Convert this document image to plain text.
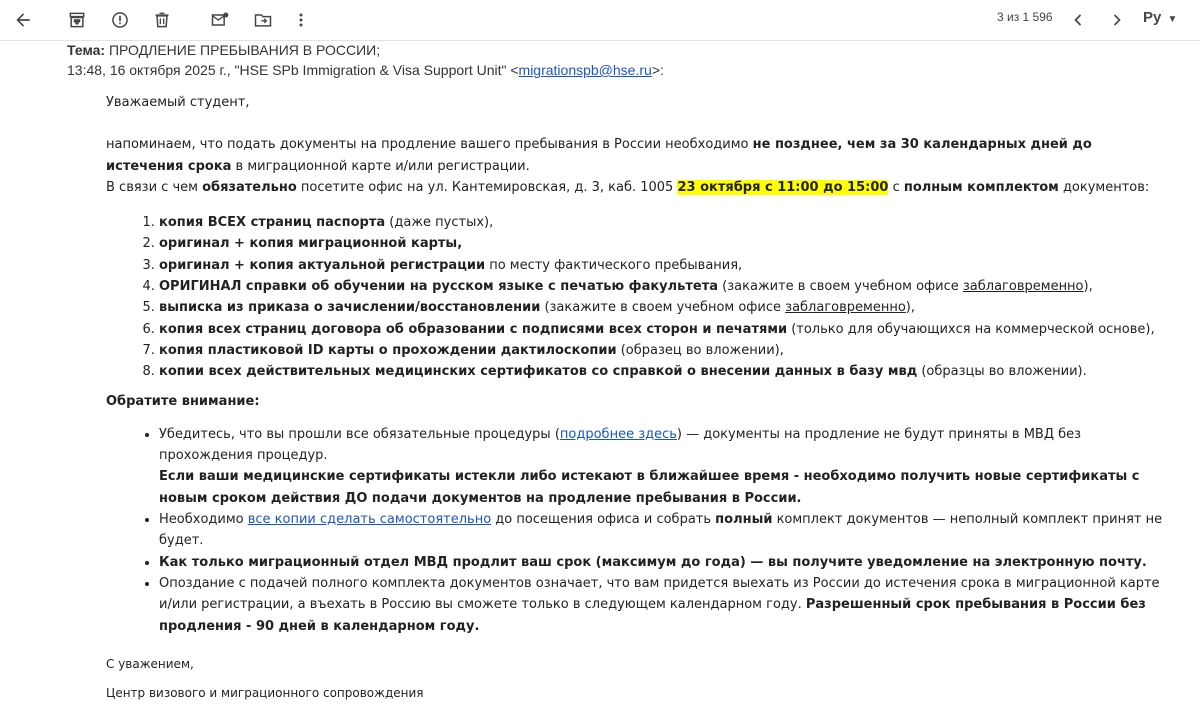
3 из 1 596	Ру ▼
Тема: ПРОДЛЕНИЕ ПРЕБЫВАНИЯ В РОССИИ;
13:48, 16 октября 2025 г., "HSE SPb Immigration & Visa Support Unit" <migrationspb@hse.ru>:

Уважаемый студент,

напоминаем, что подать документы на продление вашего пребывания в России необходимо не позднее, чем за 30 календарных дней до истечения срока в миграционной карте и/или регистрации.

В связи с чем обязательно посетите офис на ул. Кантемировская, д. 3, каб. 1005 23 октября с 11:00 до 15:00 с полным комплектом документов:

1. копия ВСЕХ страниц паспорта (даже пустых),
2. оригинал + копия миграционной карты,
3. оригинал + копия актуальной регистрации по месту фактического пребывания,
4. ОРИГИНАЛ справки об обучении на русском языке с печатью факультета (закажите в своем учебном офисе заблаговременно),
5. выписка из приказа о зачислении/восстановлении (закажите в своем учебном офисе заблаговременно),
6. копия всех страниц договора об образовании с подписями всех сторон и печатями (только для обучающихся на коммерческой основе),
7. копия пластиковой ID карты о прохождении дактилоскопии (образец во вложении),
8. копии всех действительных медицинских сертификатов со справкой о внесении данных в базу мвд (образцы во вложении).

Обратите внимание:

• Убедитесь, что вы прошли все обязательные процедуры (подробнее здесь) — документы на продление не будут приняты в МВД без прохождения процедур.
Если ваши медицинские сертификаты истекли либо истекают в ближайшее время - необходимо получить новые сертификаты с новым сроком действия ДО подачи документов на продление пребывания в России.
• Необходимо все копии сделать самостоятельно до посещения офиса и собрать полный комплект документов — неполный комплект принят не будет.
• Как только миграционный отдел МВД продлит ваш срок (максимум до года) — вы получите уведомление на электронную почту.
• Опоздание с подачей полного комплекта документов означает, что вам придется выехать из России до истечения срока в миграционной карте и/или регистрации, а въехать в Россию вы сможете только в следующем календарном году. Разрешенный срок пребывания в России без продления - 90 дней в календарном году.

С уважением,

Центр визового и миграционного сопровождения
